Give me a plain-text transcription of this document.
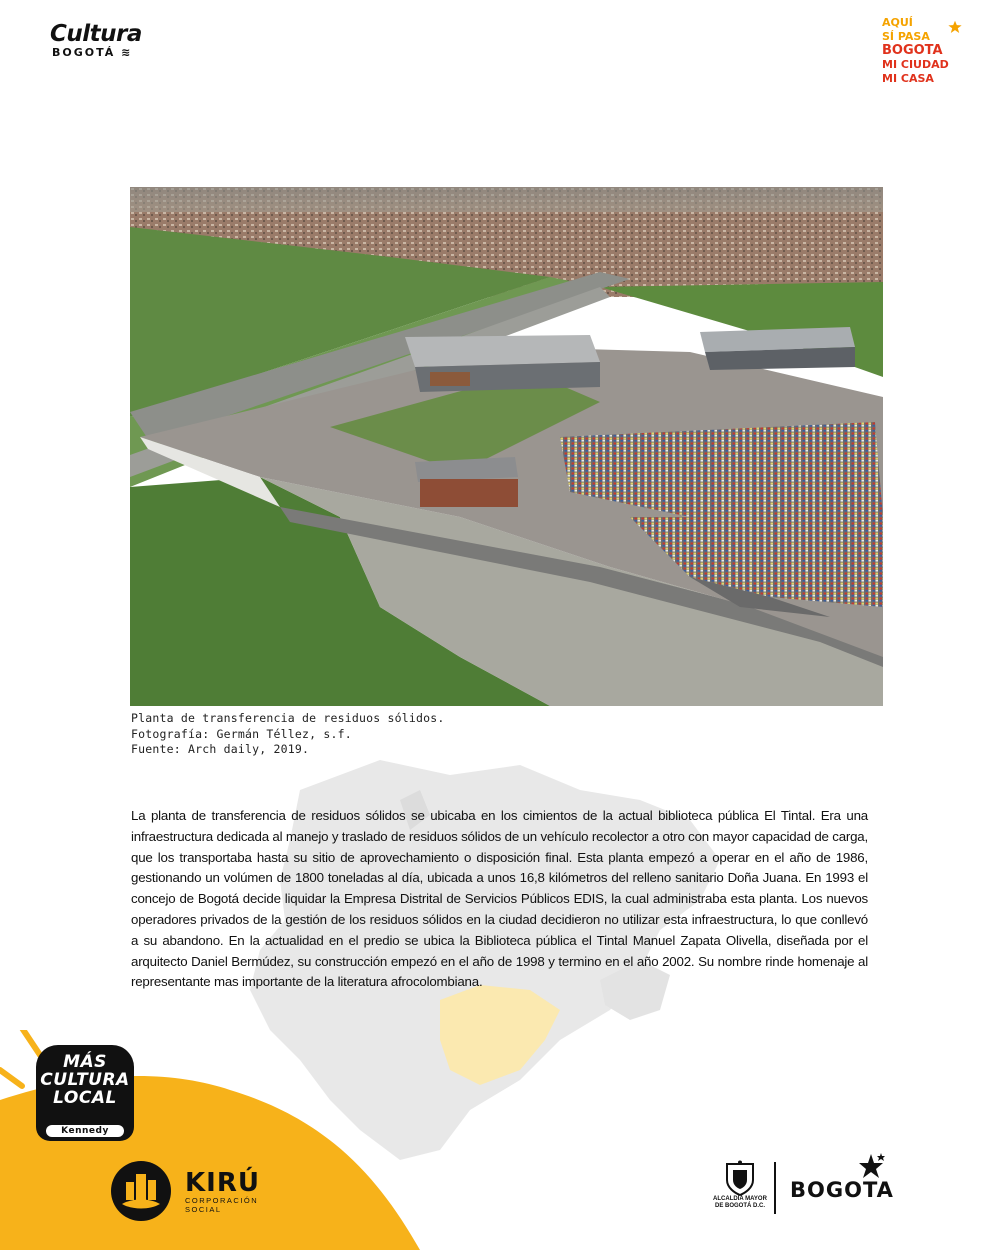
Cultura
BOGOTÁ ≋
AQUÍ
SÍ PASA
BOGOTA
MI CIUDAD
MI CASA
Planta de transferencia de residuos sólidos.
Fotografía: Germán Téllez, s.f.
Fuente: Arch daily, 2019.
La planta de transferencia de residuos sólidos se ubicaba en los cimientos de la actual biblioteca pública El Tintal. Era una infraestructura dedicada al manejo y traslado de residuos sólidos de un vehículo recolector a otro con mayor capacidad de carga, que los transportaba hasta su sitio de aprovechamiento o disposición final. Esta planta empezó a operar en el año de 1986, gestionando un volúmen de 1800 toneladas al día, ubicada a unos 16,8 kilómetros del relleno sanitario Doña Juana. En 1993 el concejo de Bogotá decide liquidar la Empresa Distrital de Servicios Públicos EDIS, la cual administraba esta planta. Los nuevos operadores privados de la gestión de los residuos sólidos en la ciudad decidieron no utilizar esta infraestructura, lo que conllevó a su abandono. En la actualidad en el predio se ubica la Biblioteca pública el Tintal Manuel Zapata Olivella, diseñada por el arquitecto Daniel Bermúdez, su construcción empezó en el año de 1998 y termino en el año 2002. Su nombre rinde homenaje al representante mas importante de la literatura afrocolombiana.
MÁS
CULTURA
LOCAL
Kennedy
KIRÚ
CORPORACIÓN
SOCIAL
ALCALDÍA MAYOR
DE BOGOTÁ D.C.
BOGOTA
